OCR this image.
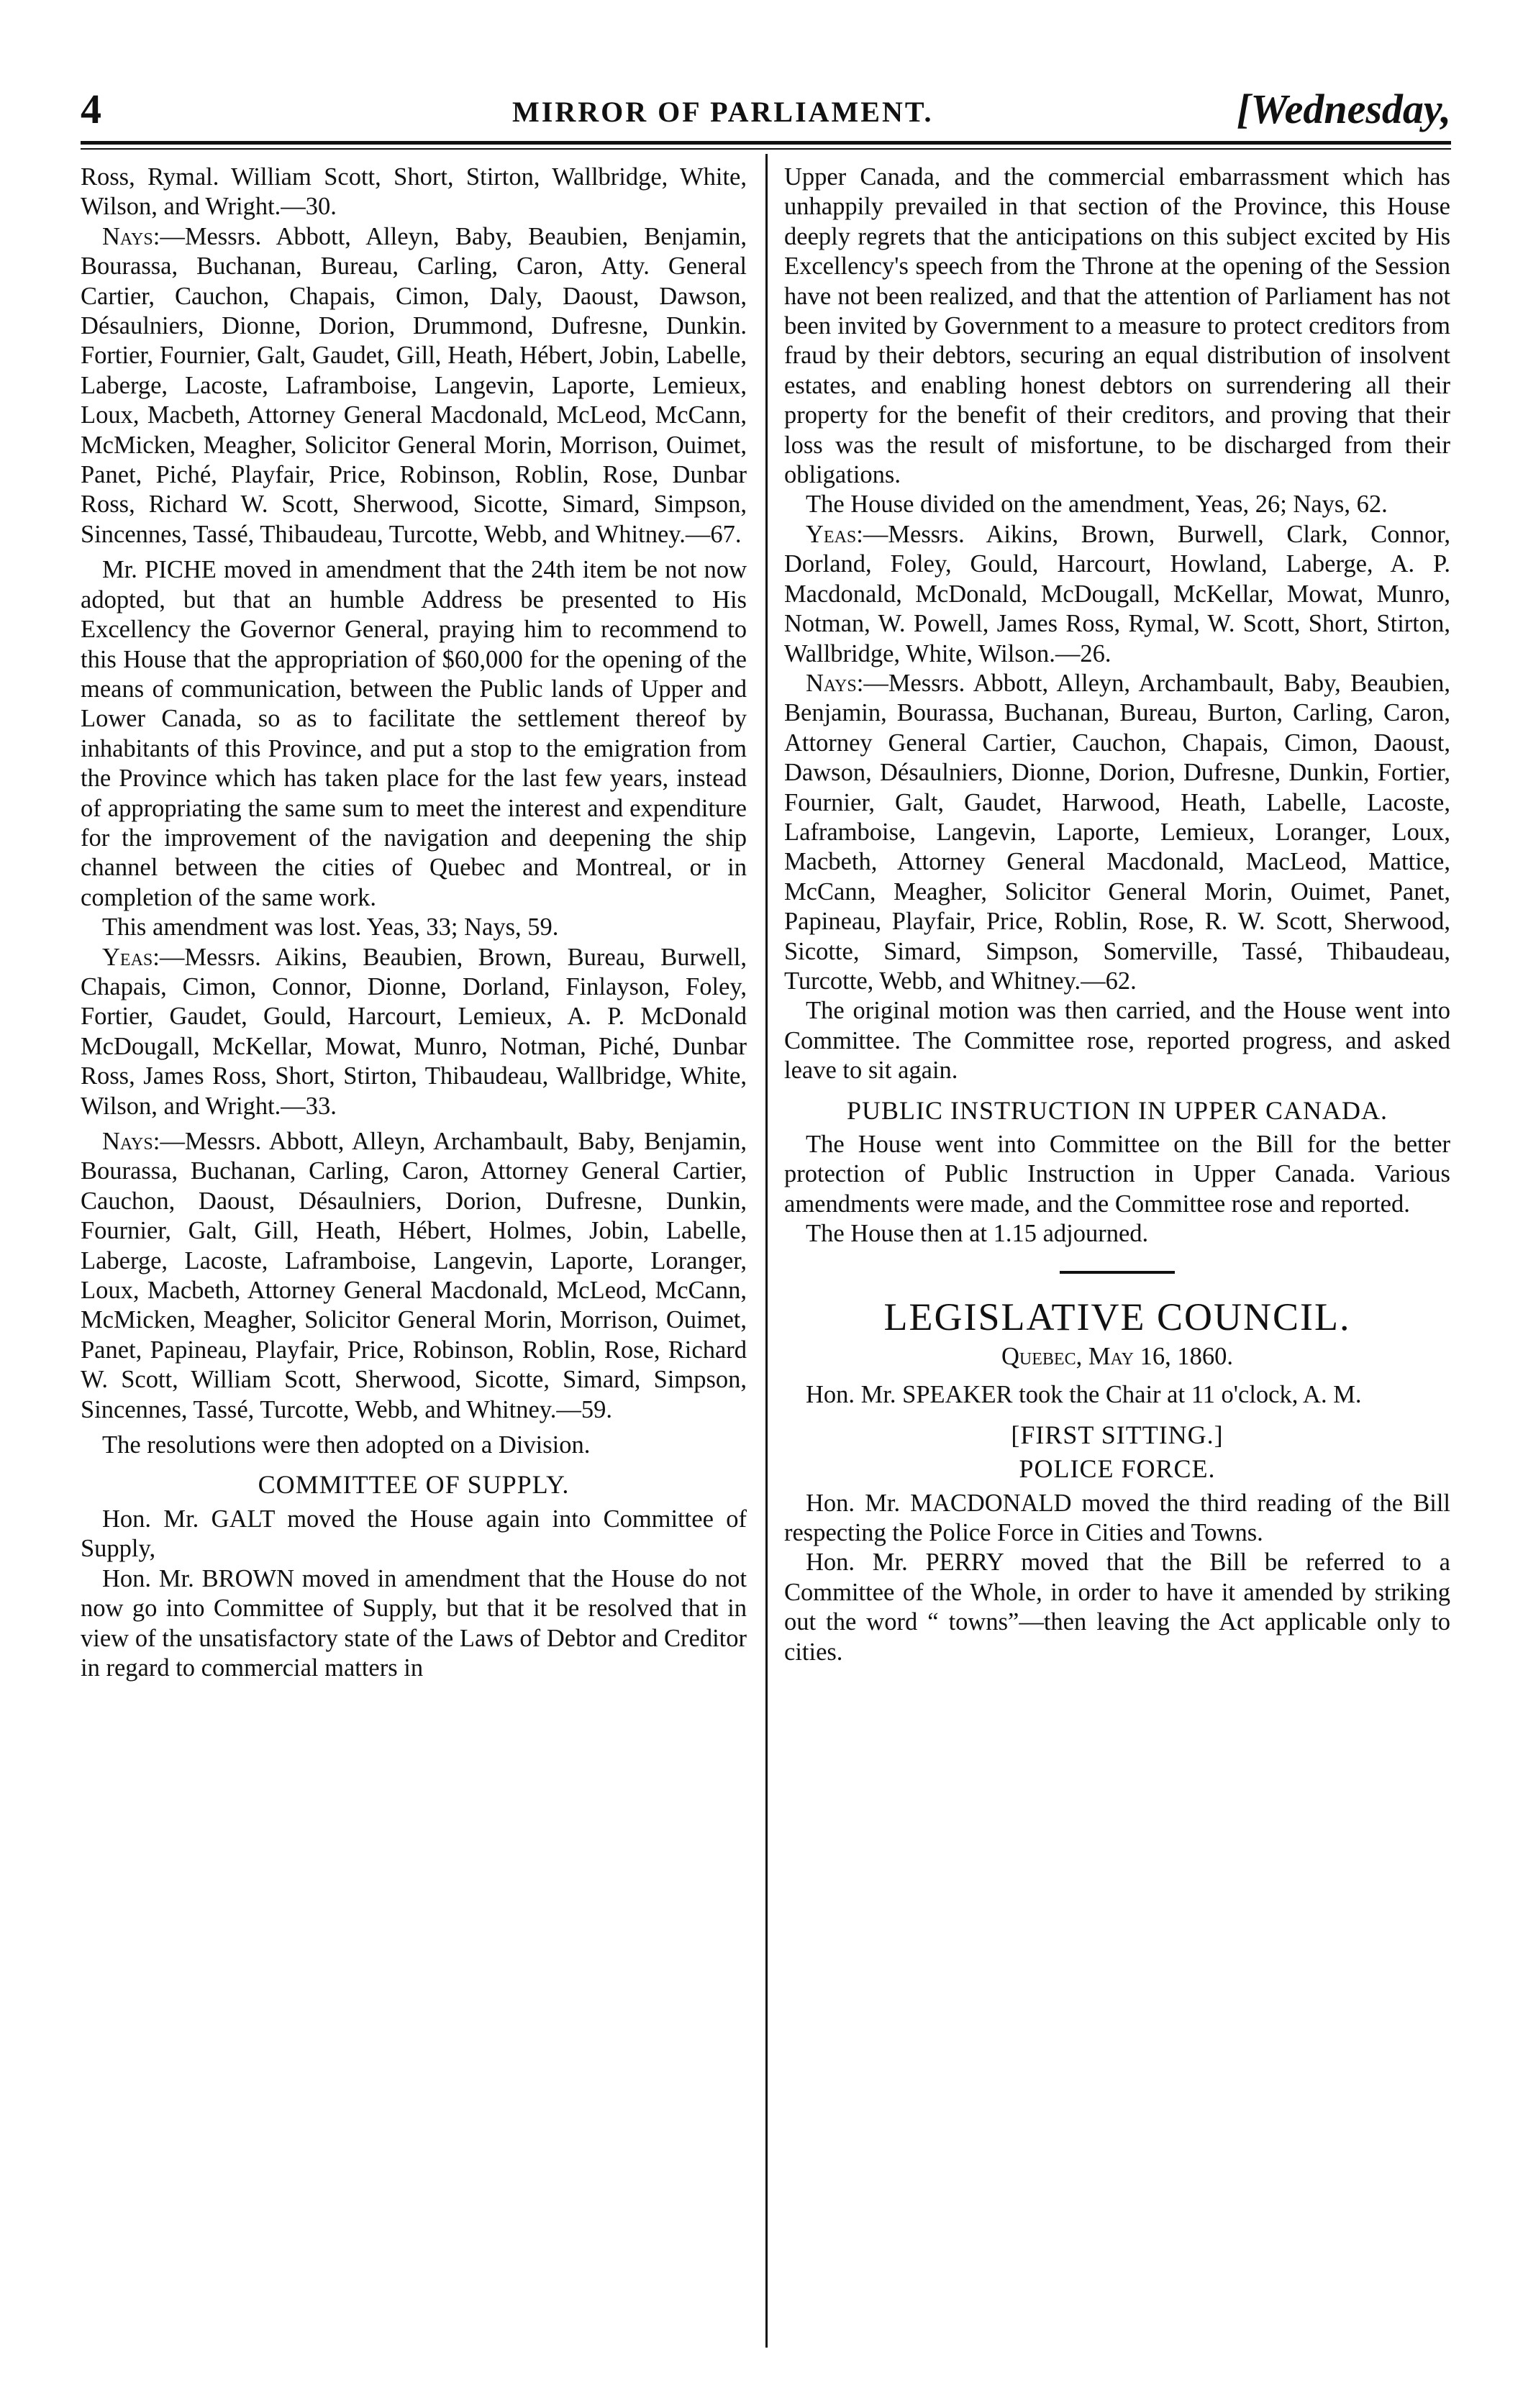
4	MIRROR OF PARLIAMENT.	[Wednesday,

Ross, Rymal. William Scott, Short, Stirton, Wallbridge, White, Wilson, and Wright.—30.

Nays:—Messrs. Abbott, Alleyn, Baby, Beaubien, Benjamin, Bourassa, Buchanan, Bureau, Carling, Caron, Atty. General Cartier, Cauchon, Chapais, Cimon, Daly, Daoust, Dawson, Désaulniers, Dionne, Dorion, Drummond, Dufresne, Dunkin. Fortier, Fournier, Galt, Gaudet, Gill, Heath, Hébert, Jobin, Labelle, Laberge, Lacoste, Laframboise, Langevin, Laporte, Lemieux, Loux, Macbeth, Attorney General Macdonald, McLeod, McCann, McMicken, Meagher, Solicitor General Morin, Morrison, Ouimet, Panet, Piché, Playfair, Price, Robinson, Roblin, Rose, Dunbar Ross, Richard W. Scott, Sherwood, Sicotte, Simard, Simpson, Sincennes, Tassé, Thibaudeau, Turcotte, Webb, and Whitney.—67.

Mr. PICHE moved in amendment that the 24th item be not now adopted, but that an humble Address be presented to His Excellency the Governor General, praying him to recommend to this House that the appropriation of $60,000 for the opening of the means of communication, between the Public lands of Upper and Lower Canada, so as to facilitate the settlement thereof by inhabitants of this Province, and put a stop to the emigration from the Province which has taken place for the last few years, instead of appropriating the same sum to meet the interest and expenditure for the improvement of the navigation and deepening the ship channel between the cities of Quebec and Montreal, or in completion of the same work.

This amendment was lost. Yeas, 33; Nays, 59.

Yeas:—Messrs. Aikins, Beaubien, Brown, Bureau, Burwell, Chapais, Cimon, Connor, Dionne, Dorland, Finlayson, Foley, Fortier, Gaudet, Gould, Harcourt, Lemieux, A. P. McDonald McDougall, McKellar, Mowat, Munro, Notman, Piché, Dunbar Ross, James Ross, Short, Stirton, Thibaudeau, Wallbridge, White, Wilson, and Wright.—33.

Nays:—Messrs. Abbott, Alleyn, Archambault, Baby, Benjamin, Bourassa, Buchanan, Carling, Caron, Attorney General Cartier, Cauchon, Daoust, Désaulniers, Dorion, Dufresne, Dunkin, Fournier, Galt, Gill, Heath, Hébert, Holmes, Jobin, Labelle, Laberge, Lacoste, Laframboise, Langevin, Laporte, Loranger, Loux, Macbeth, Attorney General Macdonald, McLeod, McCann, McMicken, Meagher, Solicitor General Morin, Morrison, Ouimet, Panet, Papineau, Playfair, Price, Robinson, Roblin, Rose, Richard W. Scott, William Scott, Sherwood, Sicotte, Simard, Simpson, Sincennes, Tassé, Turcotte, Webb, and Whitney.—59.

The resolutions were then adopted on a Division.

COMMITTEE OF SUPPLY.

Hon. Mr. GALT moved the House again into Committee of Supply,

Hon. Mr. BROWN moved in amendment that the House do not now go into Committee of Supply, but that it be resolved that in view of the unsatisfactory state of the Laws of Debtor and Creditor in regard to commercial matters in

Upper Canada, and the commercial embarrassment which has unhappily prevailed in that section of the Province, this House deeply regrets that the anticipations on this subject excited by His Excellency's speech from the Throne at the opening of the Session have not been realized, and that the attention of Parliament has not been invited by Government to a measure to protect creditors from fraud by their debtors, securing an equal distribution of insolvent estates, and enabling honest debtors on surrendering all their property for the benefit of their creditors, and proving that their loss was the result of misfortune, to be discharged from their obligations.

The House divided on the amendment, Yeas, 26; Nays, 62.

Yeas:—Messrs. Aikins, Brown, Burwell, Clark, Connor, Dorland, Foley, Gould, Harcourt, Howland, Laberge, A. P. Macdonald, McDonald, McDougall, McKellar, Mowat, Munro, Notman, W. Powell, James Ross, Rymal, W. Scott, Short, Stirton, Wallbridge, White, Wilson.—26.

Nays:—Messrs. Abbott, Alleyn, Archambault, Baby, Beaubien, Benjamin, Bourassa, Buchanan, Bureau, Burton, Carling, Caron, Attorney General Cartier, Cauchon, Chapais, Cimon, Daoust, Dawson, Désaulniers, Dionne, Dorion, Dufresne, Dunkin, Fortier, Fournier, Galt, Gaudet, Harwood, Heath, Labelle, Lacoste, Laframboise, Langevin, Laporte, Lemieux, Loranger, Loux, Macbeth, Attorney General Macdonald, MacLeod, Mattice, McCann, Meagher, Solicitor General Morin, Ouimet, Panet, Papineau, Playfair, Price, Roblin, Rose, R. W. Scott, Sherwood, Sicotte, Simard, Simpson, Somerville, Tassé, Thibaudeau, Turcotte, Webb, and Whitney.—62.

The original motion was then carried, and the House went into Committee. The Committee rose, reported progress, and asked leave to sit again.

PUBLIC INSTRUCTION IN UPPER CANADA.

The House went into Committee on the Bill for the better protection of Public Instruction in Upper Canada. Various amendments were made, and the Committee rose and reported.

The House then at 1.15 adjourned.

LEGISLATIVE COUNCIL.
Quebec, May 16, 1860.

Hon. Mr. SPEAKER took the Chair at 11 o'clock, A. M.

[FIRST SITTING.]
POLICE FORCE.

Hon. Mr. MACDONALD moved the third reading of the Bill respecting the Police Force in Cities and Towns.

Hon. Mr. PERRY moved that the Bill be referred to a Committee of the Whole, in order to have it amended by striking out the word “ towns”—then leaving the Act applicable only to cities.
